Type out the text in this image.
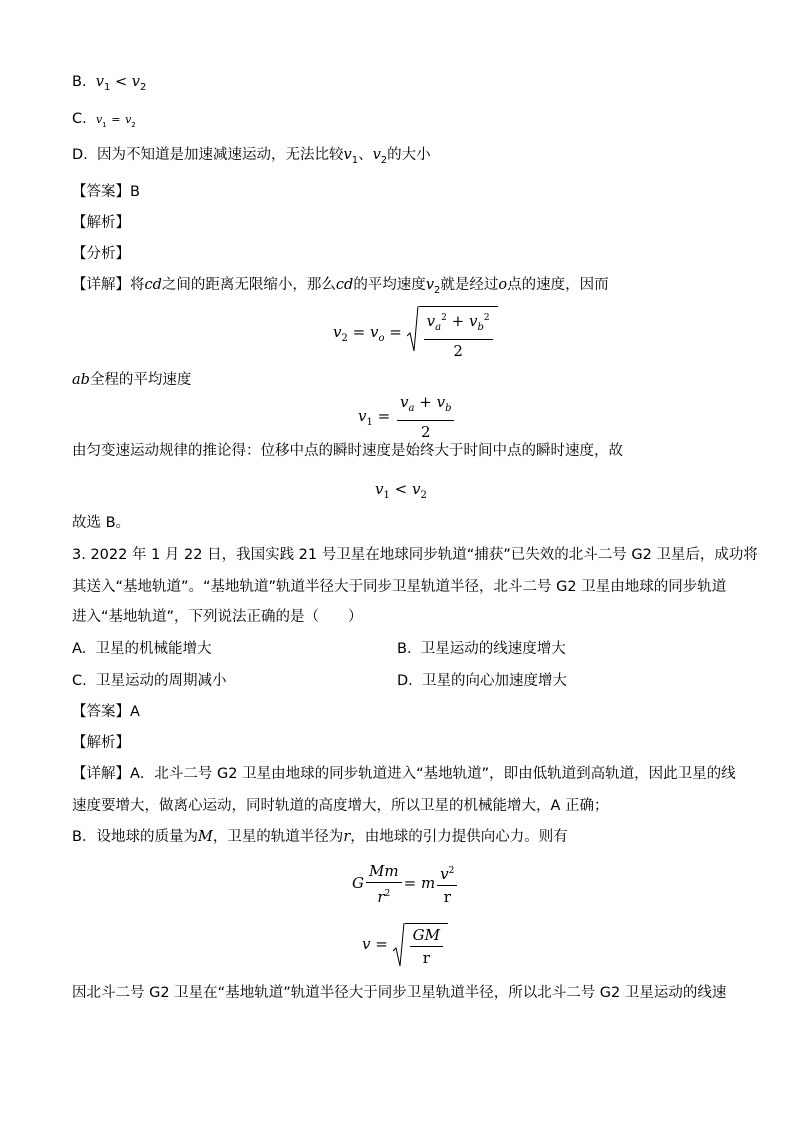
B. $v_1 < v_2$
C. $v_1 = v_2$
D. 因为不知道是加速减速运动，无法比较$v_1$、$v_2$的大小
【答案】B
【解析】
【分析】
【详解】将cd之间的距离无限缩小，那么cd的平均速度$v_2$就是经过o点的速度，因而
$v_2 = v_o = \frac{v_a^2 + v_b^2}{2}$
ab全程的平均速度
$v_1 = \frac{v_a + v_b}{2}$
由匀变速运动规律的推论得：位移中点的瞬时速度是始终大于时间中点的瞬时速度，故
$v_1 < v_2$
故选 B。
3. 2022 年 1 月 22 日，我国实践 21 号卫星在地球同步轨道“捕获”已失效的北斗二号 G2 卫星后，成功将
其送入“基地轨道”。“基地轨道”轨道半径大于同步卫星轨道半径，北斗二号 G2 卫星由地球的同步轨道
进入“基地轨道”，下列说法正确的是（　　）
A. 卫星的机械能增大	B. 卫星运动的线速度增大
C. 卫星运动的周期减小	D. 卫星的向心加速度增大
【答案】A
【解析】
【详解】A．北斗二号 G2 卫星由地球的同步轨道进入“基地轨道”，即由低轨道到高轨道，因此卫星的线
速度要增大，做离心运动，同时轨道的高度增大，所以卫星的机械能增大，A 正确；
B．设地球的质量为M，卫星的轨道半径为r，由地球的引力提供向心力。则有
G $\frac{Mm}{r^2} = m \frac{v^2}{r}$
$v = \frac{GM}{r}$
因北斗二号 G2 卫星在“基地轨道”轨道半径大于同步卫星轨道半径，所以北斗二号 G2 卫星运动的线速
